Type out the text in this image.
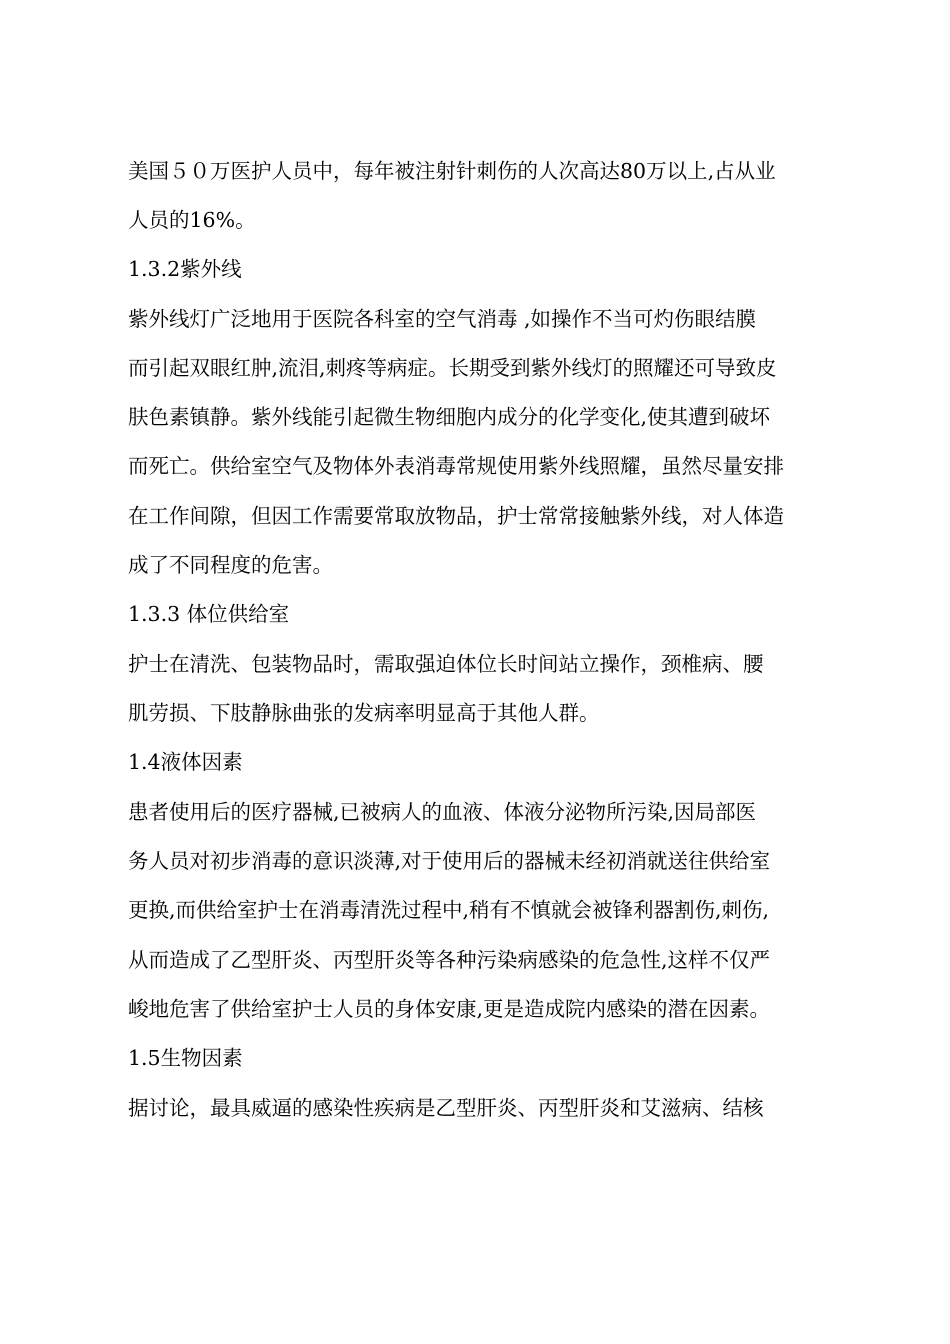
美国５０万医护人员中，每年被注射针刺伤的人次高达80万以上,占从业
人员的16%。
1.3.2紫外线
紫外线灯广泛地用于医院各科室的空气消毒 ,如操作不当可灼伤眼结膜
而引起双眼红肿,流泪,刺疼等病症。长期受到紫外线灯的照耀还可导致皮
肤色素镇静。紫外线能引起微生物细胞内成分的化学变化,使其遭到破坏
而死亡。供给室空气及物体外表消毒常规使用紫外线照耀，虽然尽量安排
在工作间隙，但因工作需要常取放物品，护士常常接触紫外线，对人体造
成了不同程度的危害。
1.3.3 体位供给室
护士在清洗、包装物品时，需取强迫体位长时间站立操作，颈椎病、腰
肌劳损、下肢静脉曲张的发病率明显高于其他人群。
1.4液体因素
患者使用后的医疗器械,已被病人的血液、体液分泌物所污染,因局部医
务人员对初步消毒的意识淡薄,对于使用后的器械未经初消就送往供给室
更换,而供给室护士在消毒清洗过程中,稍有不慎就会被锋利器割伤,刺伤,
从而造成了乙型肝炎、丙型肝炎等各种污染病感染的危急性,这样不仅严
峻地危害了供给室护士人员的身体安康,更是造成院内感染的潜在因素。
1.5生物因素
据讨论，最具威逼的感染性疾病是乙型肝炎、丙型肝炎和艾滋病、结核
